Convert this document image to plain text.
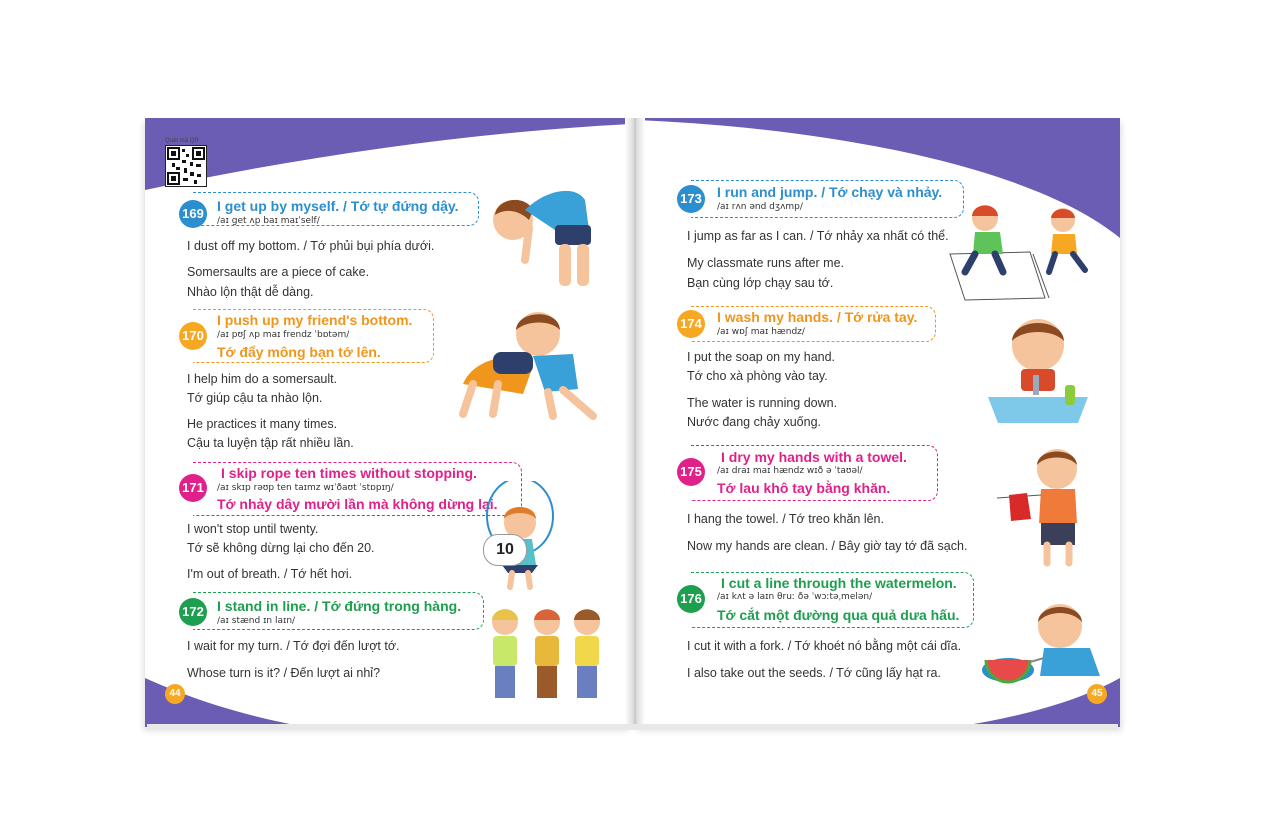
Quét mã QR
169 I get up by myself. / Tớ tự đứng dậy.
/aɪ get ʌp baɪ maɪˈself/
I dust off my bottom. / Tớ phủi bụi phía dưới.
Somersaults are a piece of cake.
Nhào lộn thật dễ dàng.
170
I push up my friend's bottom.
/aɪ pʊʃ ʌp maɪ frendz ˈbɒtəm/
Tớ đẩy mông bạn tớ lên.
I help him do a somersault.
Tớ giúp cậu ta nhào lộn.
He practices it many times.
Cậu ta luyện tập rất nhiều lần.
171
I skip rope ten times without stopping.
/aɪ skɪp rəʊp ten taɪmz wɪˈðaʊt ˈstɒpɪŋ/
Tớ nhảy dây mười lần mà không dừng lại.
I won't stop until twenty.
Tớ sẽ không dừng lại cho đến 20.
I'm out of breath. / Tớ hết hơi.
172 I stand in line. / Tớ đứng trong hàng.
/aɪ stænd ɪn laɪn/
I wait for my turn. / Tớ đợi đến lượt tớ.
Whose turn is it? / Đến lượt ai nhỉ?
10
44
173 I run and jump. / Tớ chạy và nhảy.
/aɪ rʌn ənd dʒʌmp/
I jump as far as I can. / Tớ nhảy xa nhất có thể.
My classmate runs after me.
Bạn cùng lớp chạy sau tớ.
174 I wash my hands. / Tớ rửa tay.
/aɪ wɒʃ maɪ hændz/
I put the soap on my hand.
Tớ cho xà phòng vào tay.
The water is running down.
Nước đang chảy xuống.
175
I dry my hands with a towel.
/aɪ draɪ maɪ hændz wɪð ə ˈtaʊəl/
Tớ lau khô tay bằng khăn.
I hang the towel. / Tớ treo khăn lên.
Now my hands are clean. / Bây giờ tay tớ đã sạch.
176
I cut a line through the watermelon.
/aɪ kʌt ə laɪn θruː ðə ˈwɔːtəˌmelən/
Tớ cắt một đường qua quả dưa hấu.
I cut it with a fork. / Tớ khoét nó bằng một cái dĩa.
I also take out the seeds. / Tớ cũng lấy hạt ra.
45
